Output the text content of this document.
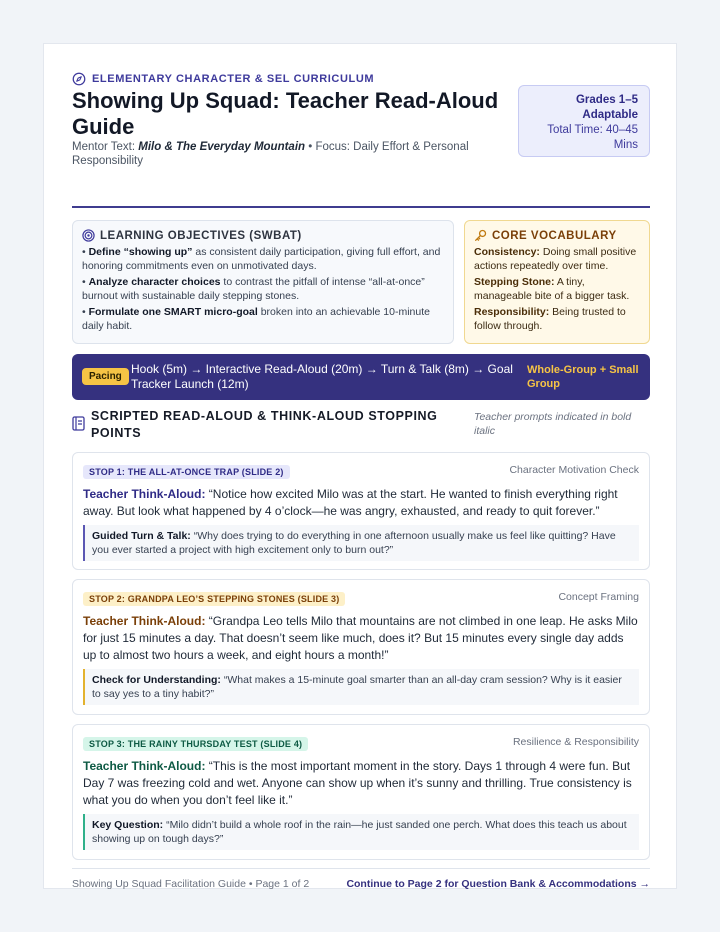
ELEMENTARY CHARACTER & SEL CURRICULUM
Showing Up Squad: Teacher Read-Aloud Guide
Mentor Text: Milo & The Everyday Mountain • Focus: Daily Effort & Personal Responsibility
Grades 1–5 Adaptable
Total Time: 40–45 Mins
LEARNING OBJECTIVES (SWBAT)
• Define “showing up” as consistent daily participation, giving full effort, and honoring commitments even on unmotivated days.
• Analyze character choices to contrast the pitfall of intense “all-at-once” burnout with sustainable daily stepping stones.
• Formulate one SMART micro-goal broken into an achievable 10-minute daily habit.
CORE VOCABULARY
Consistency: Doing small positive actions repeatedly over time.
Stepping Stone: A tiny, manageable bite of a bigger task.
Responsibility: Being trusted to follow through.
Pacing
Hook (5m) → Interactive Read-Aloud (20m) → Turn & Talk (8m) → Goal Tracker Launch (12m)
Whole-Group + Small Group
SCRIPTED READ-ALOUD & THINK-ALOUD STOPPING POINTS
Teacher prompts indicated in bold italic
STOP 1: THE ALL-AT-ONCE TRAP (SLIDE 2)	Character Motivation Check
Teacher Think-Aloud: “Notice how excited Milo was at the start. He wanted to finish everything right away. But look what happened by 4 o’clock—he was angry, exhausted, and ready to quit forever.”
Guided Turn & Talk: “Why does trying to do everything in one afternoon usually make us feel like quitting? Have you ever started a project with high excitement only to burn out?”
STOP 2: GRANDPA LEO’S STEPPING STONES (SLIDE 3)	Concept Framing
Teacher Think-Aloud: “Grandpa Leo tells Milo that mountains are not climbed in one leap. He asks Milo for just 15 minutes a day. That doesn’t seem like much, does it? But 15 minutes every single day adds up to almost two hours a week, and eight hours a month!”
Check for Understanding: “What makes a 15-minute goal smarter than an all-day cram session? Why is it easier to say yes to a tiny habit?”
STOP 3: THE RAINY THURSDAY TEST (SLIDE 4)	Resilience & Responsibility
Teacher Think-Aloud: “This is the most important moment in the story. Days 1 through 4 were fun. But Day 7 was freezing cold and wet. Anyone can show up when it’s sunny and thrilling. True consistency is what you do when you don’t feel like it.”
Key Question: “Milo didn’t build a whole roof in the rain—he just sanded one perch. What does this teach us about showing up on tough days?”
Showing Up Squad Facilitation Guide • Page 1 of 2	Continue to Page 2 for Question Bank & Accommodations →
